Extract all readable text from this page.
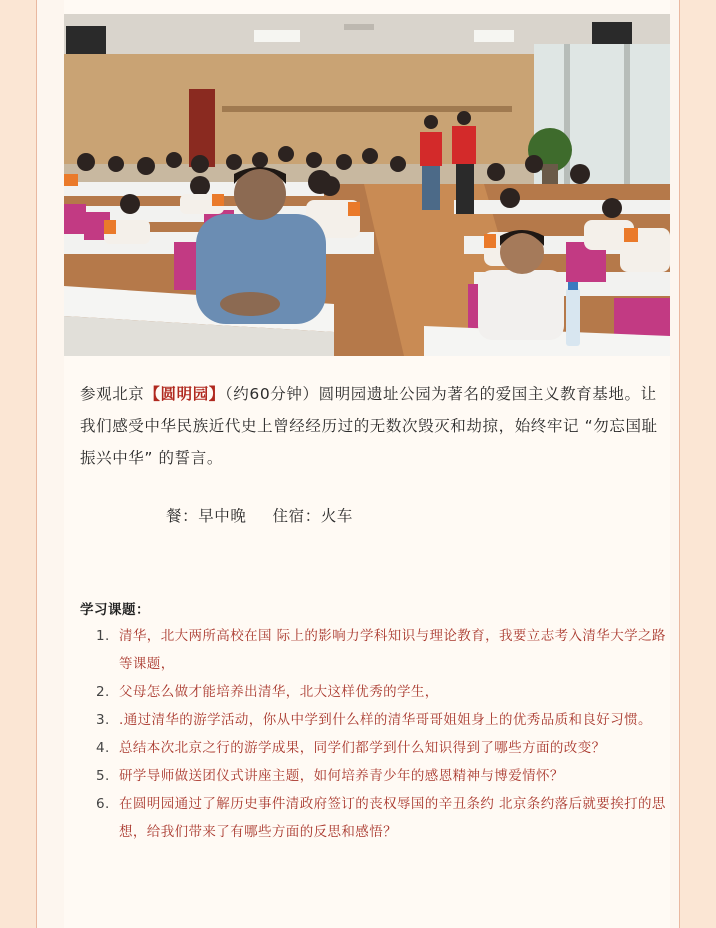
参观北京【圆明园】（约60分钟）圆明园遗址公园为著名的爱国主义教育基地。让我们感受中华民族近代史上曾经经历过的无数次毁灭和劫掠，始终牢记 “勿忘国耻 振兴中华” 的誓言。

餐：早中晚 住宿：火车
学习课题：
1. 清华，北大两所高校在国 际上的影响力学科知识与理论教育，我要立志考入清华大学之路等课题，
2. 父母怎么做才能培养出清华，北大这样优秀的学生，
3. .通过清华的游学活动，你从中学到什么样的清华哥哥姐姐身上的优秀品质和良好习惯。
4. 总结本次北京之行的游学成果，同学们都学到什么知识得到了哪些方面的改变？
5. 研学导师做送团仪式讲座主题，如何培养青少年的感恩精神与博爱情怀？
6. 在圆明园通过了解历史事件清政府签订的丧权辱国的辛丑条约 北京条约落后就要挨打的思想，给我们带来了有哪些方面的反思和感悟？
